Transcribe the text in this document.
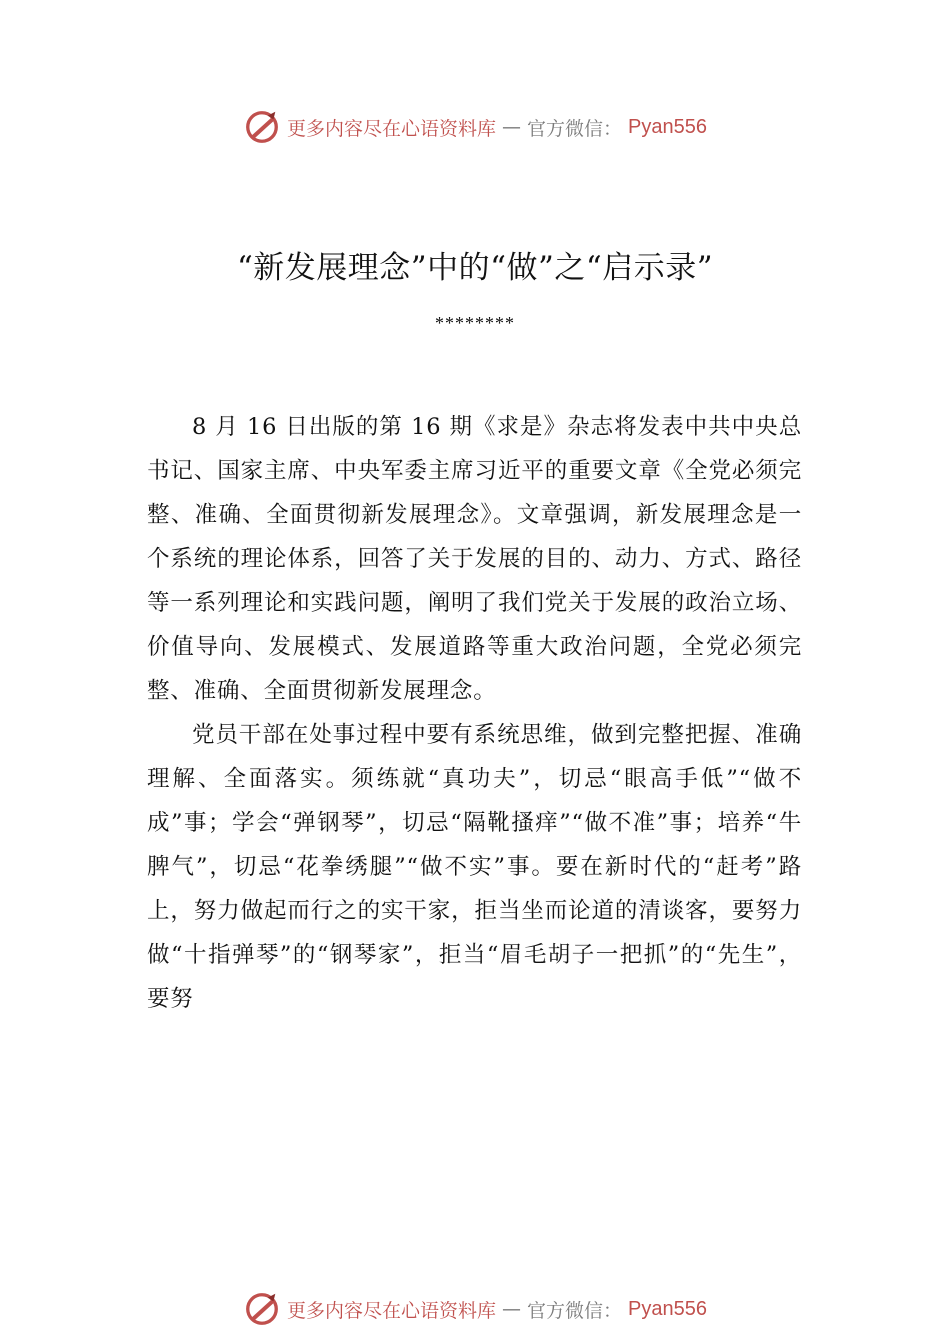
更多内容尽在心语资料库 — 官方微信： Pyan556
“新发展理念”中的“做”之“启示录”
********

8 月 16 日出版的第 16 期《求是》杂志将发表中共中央总书记、国家主席、中央军委主席习近平的重要文章《全党必须完整、准确、全面贯彻新发展理念》。文章强调，新发展理念是一个系统的理论体系，回答了关于发展的目的、动力、方式、路径等一系列理论和实践问题，阐明了我们党关于发展的政治立场、价值导向、发展模式、发展道路等重大政治问题，全党必须完整、准确、全面贯彻新发展理念。

党员干部在处事过程中要有系统思维，做到完整把握、准确理解、全面落实。须练就“真功夫”，切忌“眼高手低”“做不成”事；学会“弹钢琴”，切忌“隔靴搔痒”“做不准”事；培养“牛脾气”，切忌“花拳绣腿”“做不实”事。要在新时代的“赶考”路上，努力做起而行之的实干家，拒当坐而论道的清谈客，要努力做“十指弹琴”的“钢琴家”，拒当“眉毛胡子一把抓”的“先生”，要努

更多内容尽在心语资料库 — 官方微信： Pyan556
